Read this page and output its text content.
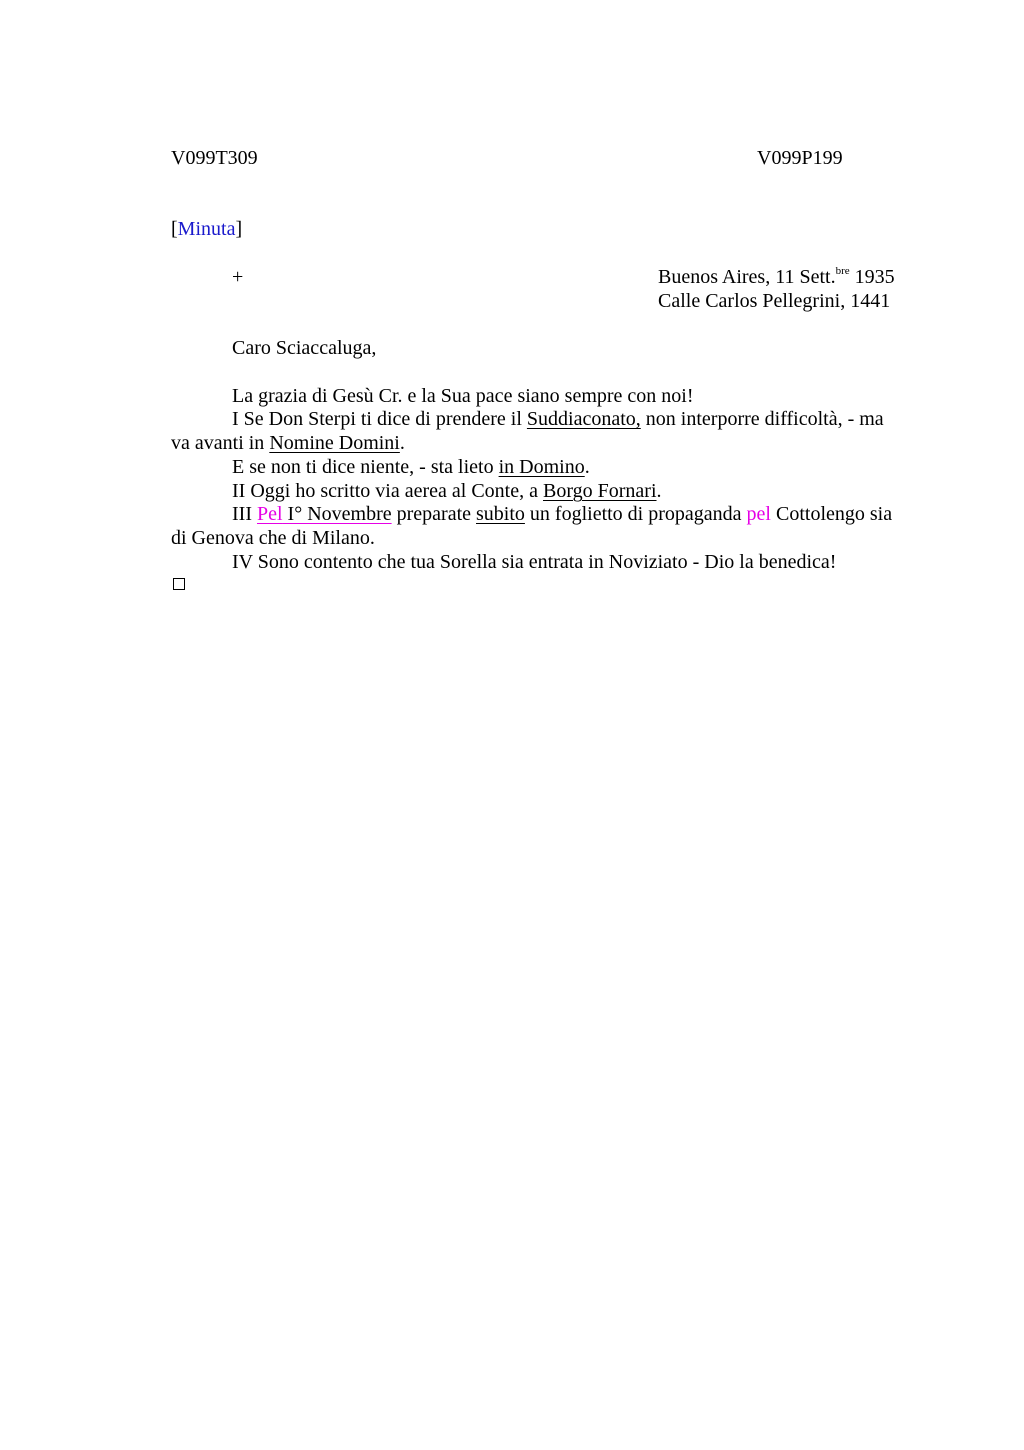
V099T309	V099P199
[Minuta]
+	Buenos Aires, 11 Sett.$^{bre}$ 1935
Calle Carlos Pellegrini, 1441
Caro Sciaccaluga,
La grazia di Gesù Cr. e la Sua pace siano sempre con noi!
I Se Don Sterpi ti dice di prendere il Suddiaconato, non interporre difficoltà, - ma
va avanti in Nomine Domini.
E se non ti dice niente, - sta lieto in Domino.
II Oggi ho scritto via aerea al Conte, a Borgo Fornari.
III Pel I° Novembre preparate subito un foglietto di propaganda pel Cottolengo sia
di Genova che di Milano.
IV Sono contento che tua Sorella sia entrata in Noviziato - Dio la benedica!
